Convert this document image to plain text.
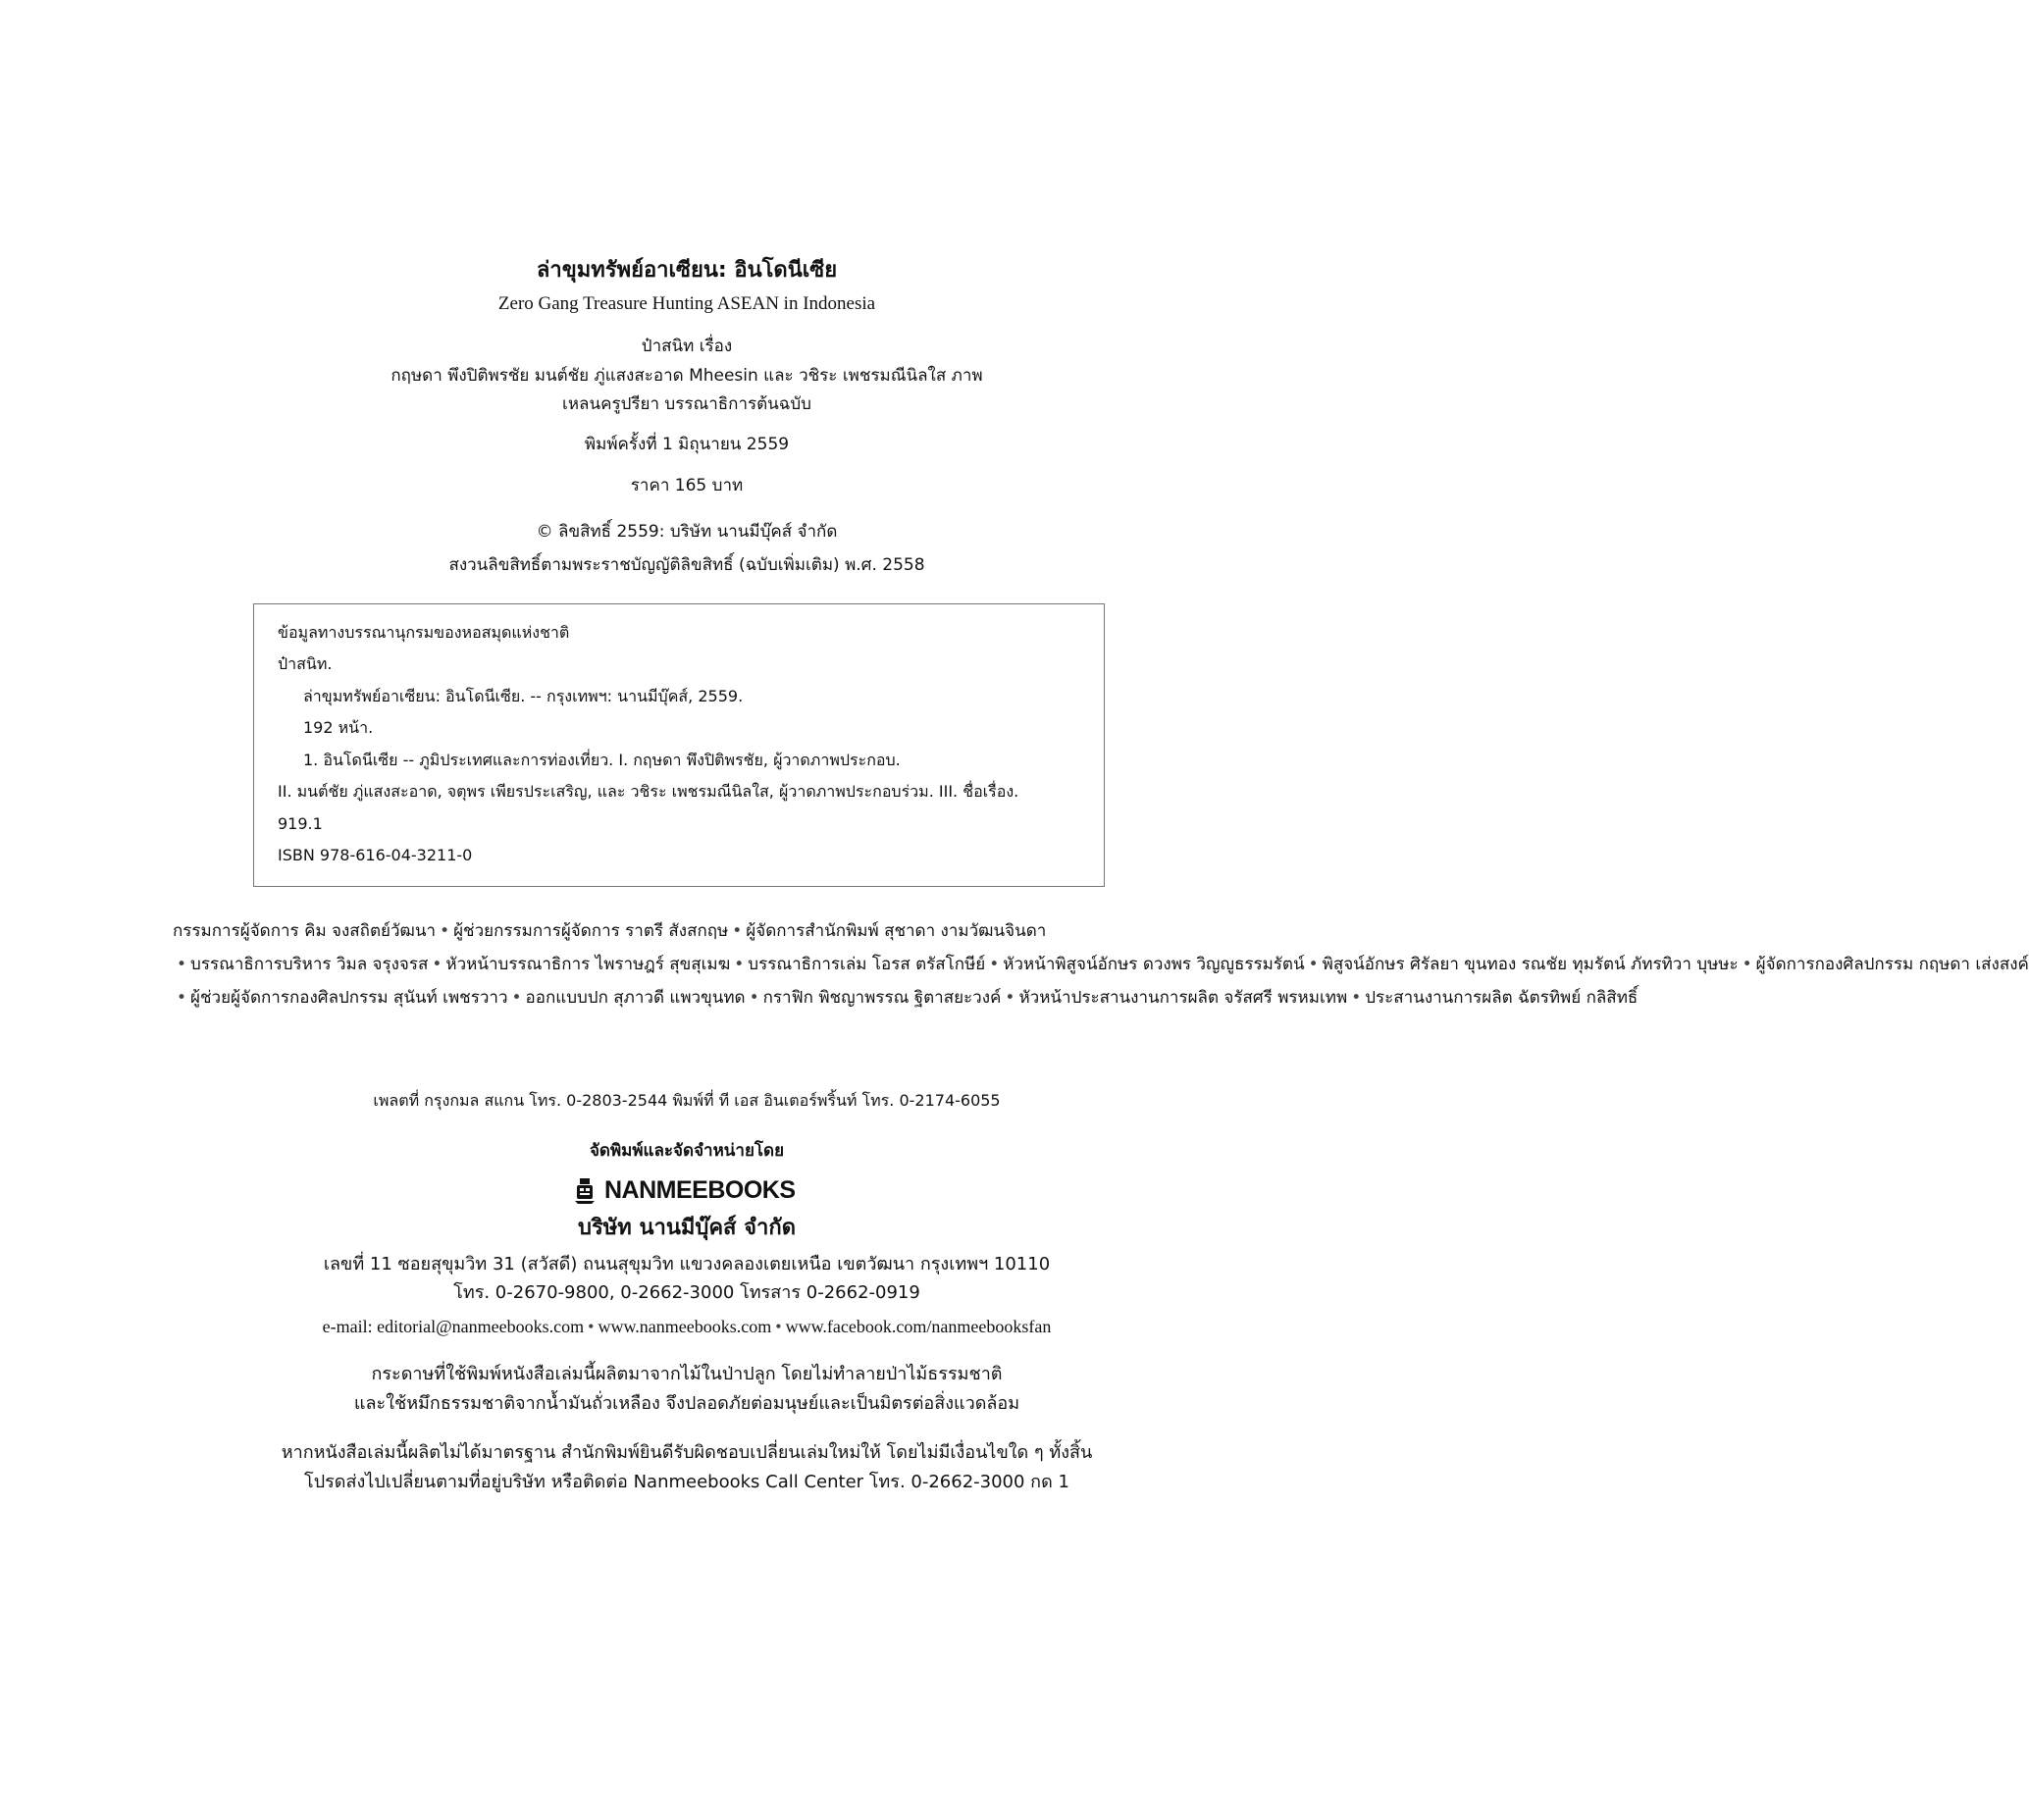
ล่าขุมทรัพย์อาเซียน: อินโดนีเซีย
Zero Gang Treasure Hunting ASEAN in Indonesia
ป๋าสนิท เรื่อง
กฤษดา พึงปิติพรชัย มนต์ชัย ภู่แสงสะอาด Mheesin และ วชิระ เพชรมณีนิลใส ภาพ
เหลนครูปรียา บรรณาธิการต้นฉบับ
พิมพ์ครั้งที่ 1 มิถุนายน 2559
ราคา 165 บาท
© ลิขสิทธิ์ 2559: บริษัท นานมีบุ๊คส์ จำกัด
สงวนลิขสิทธิ์ตามพระราชบัญญัติลิขสิทธิ์ (ฉบับเพิ่มเติม) พ.ศ. 2558
ข้อมูลทางบรรณานุกรมของหอสมุดแห่งชาติ
ป๋าสนิท.
ล่าขุมทรัพย์อาเซียน: อินโดนีเซีย. -- กรุงเทพฯ: นานมีบุ๊คส์, 2559.
192 หน้า.
1. อินโดนีเซีย -- ภูมิประเทศและการท่องเที่ยว. I. กฤษดา พึงปิติพรชัย, ผู้วาดภาพประกอบ.
II. มนต์ชัย ภู่แสงสะอาด, จตุพร เพียรประเสริญ, และ วชิระ เพชรมณีนิลใส, ผู้วาดภาพประกอบร่วม. III. ชื่อเรื่อง.
919.1
ISBN 978-616-04-3211-0
กรรมการผู้จัดการ คิม จงสถิตย์วัฒนา • ผู้ช่วยกรรมการผู้จัดการ ราตรี สังสกฤษ • ผู้จัดการสำนักพิมพ์ สุชาดา งามวัฒนจินดา • บรรณาธิการบริหาร วิมล จรุงจรส • หัวหน้าบรรณาธิการ ไพราษฎร์ สุขสุเมฆ • บรรณาธิการเล่ม โอรส ตรัสโกษีย์ • หัวหน้าพิสูจน์อักษร ดวงพร วิญญูธรรมรัตน์ • พิสูจน์อักษร ศิรัลยา ขุนทอง รณชัย ทุมรัตน์ ภัทรทิวา บุษษะ • ผู้จัดการกองศิลปกรรม กฤษดา เส่งสงค์ • ผู้ช่วยผู้จัดการกองศิลปกรรม สุนันท์ เพชรวาว • ออกแบบปก สุภาวดี แพวขุนทด • กราฟิก พิชญาพรรณ ฐิตาสยะวงค์ • หัวหน้าประสานงานการผลิต จรัสศรี พรหมเทพ • ประสานงานการผลิต ฉัตรทิพย์ กลิสิทธิ์
เพลตที่ กรุงกมล สแกน โทร. 0-2803-2544 พิมพ์ที่ ที เอส อินเตอร์พริ้นท์ โทร. 0-2174-6055
จัดพิมพ์และจัดจำหน่ายโดย
NANMEEBOOKS
บริษัท นานมีบุ๊คส์ จำกัด
เลขที่ 11 ซอยสุขุมวิท 31 (สวัสดี) ถนนสุขุมวิท แขวงคลองเตยเหนือ เขตวัฒนา กรุงเทพฯ 10110
โทร. 0-2670-9800, 0-2662-3000 โทรสาร 0-2662-0919
e-mail: editorial@nanmeebooks.com • www.nanmeebooks.com • www.facebook.com/nanmeebooksfan
กระดาษที่ใช้พิมพ์หนังสือเล่มนี้ผลิตมาจากไม้ในป่าปลูก โดยไม่ทำลายป่าไม้ธรรมชาติ
และใช้หมึกธรรมชาติจากน้ำมันถั่วเหลือง จึงปลอดภัยต่อมนุษย์และเป็นมิตรต่อสิ่งแวดล้อม
หากหนังสือเล่มนี้ผลิตไม่ได้มาตรฐาน สำนักพิมพ์ยินดีรับผิดชอบเปลี่ยนเล่มใหม่ให้ โดยไม่มีเงื่อนไขใด ๆ ทั้งสิ้น
โปรดส่งไปเปลี่ยนตามที่อยู่บริษัท หรือติดต่อ Nanmeebooks Call Center โทร. 0-2662-3000 กด 1
